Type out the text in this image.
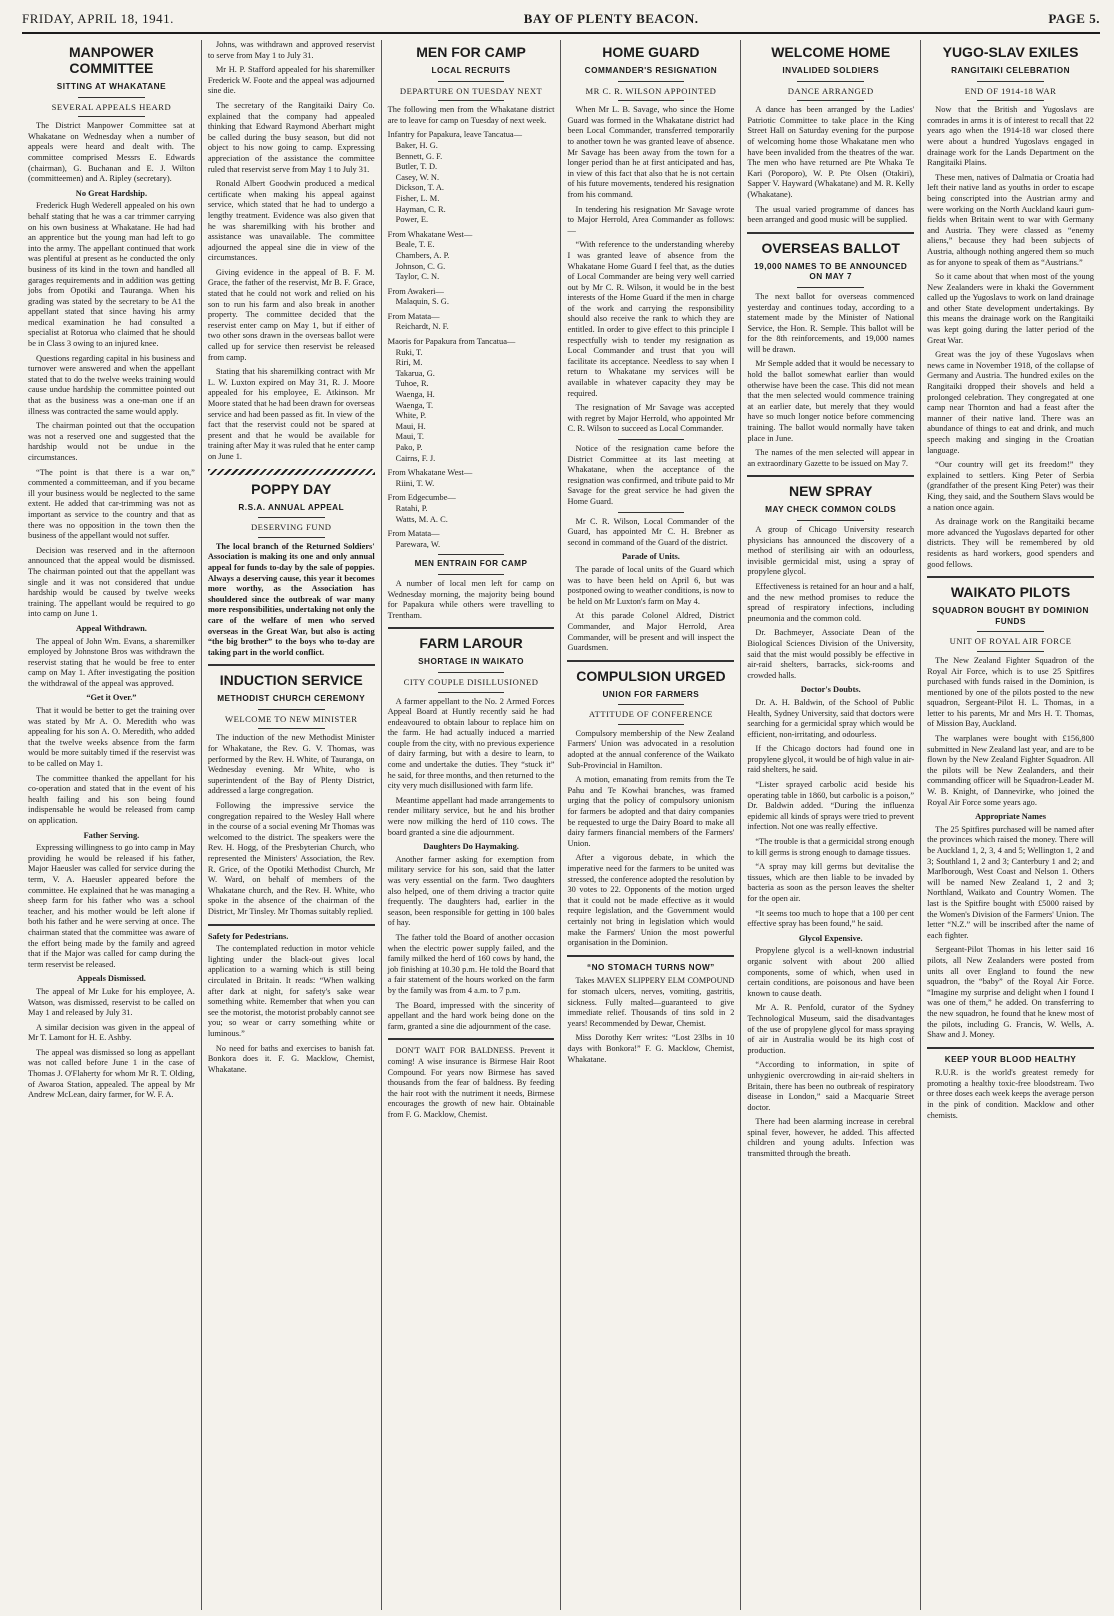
FRIDAY, APRIL 18, 1941.	BAY OF PLENTY BEACON.	PAGE 5.
MANPOWER COMMITTEE
SITTING AT WHAKATANE
SEVERAL APPEALS HEARD

The District Manpower Committee sat at Whakatane on Wednesday when a number of appeals were heard and dealt with. The committee comprised Messrs E. Edwards (chairman), G. Buchanan and E. J. Wilton (committeemen) and A. Ripley (secretary).

No Great Hardship.

Frederick Hugh Wederell appealed on his own behalf stating that he was a car trimmer carrying on his own business at Whakatane. He had had an apprentice but the young man had left to go into the army. The appellant continued that work was plentiful at present as he conducted the only business of its kind in the town and handled all garages requirements and in addition was getting jobs from Opotiki and Tauranga. When his grading was stated by the secretary to be A1 the appellant stated that since having his army medical examination he had consulted a specialist at Rotorua who claimed that he should be in Class 3 owing to an injured knee.

Questions regarding capital in his business and turnover were answered and when the appellant stated that to do the twelve weeks training would cause undue hardship the committee pointed out that as the business was a one-man one if an illness was contracted the same would apply.

The chairman pointed out that the occupation was not a reserved one and suggested that the hardship would not be undue in the circumstances.

“The point is that there is a war on,” commented a committeeman, and if you became ill your business would be neglected to the same extent. He added that car-trimming was not as important as service to the country and that as there was no opposition in the town then the business of the appellant would not suffer.

Decision was reserved and in the afternoon announced that the appeal would be dismissed. The chairman pointed out that the appellant was single and it was not considered that undue hardship would be caused by twelve weeks training. The appellant would be required to go into camp on June 1.

Appeal Withdrawn.

The appeal of John Wm. Evans, a sharemilker employed by Johnstone Bros was withdrawn the reservist stating that he would be free to enter camp on May 1. After investigating the position the withdrawal of the appeal was approved.

“Get it Over.”

That it would be better to get the training over was stated by Mr A. O. Meredith who was appealing for his son A. O. Meredith, who added that the twelve weeks absence from the farm would be more suitably timed if the reservist was to be called on May 1.

The committee thanked the appellant for his co-operation and stated that in the event of his health failing and his son being found indispensable he would be released from camp on application.

Father Serving.

Expressing willingness to go into camp in May providing he would be released if his father, Major Haeusler was called for service during the term, V. A. Haeusler appeared before the committee. He explained that he was managing a sheep farm for his father who was a school teacher, and his mother would be left alone if both his father and he were serving at once. The chairman stated that the committee was aware of the effort being made by the family and agreed that if the Major was called for camp during the term reservist be released.

Appeals Dismissed.

The appeal of Mr Luke for his employee, A. Watson, was dismissed, reservist to be called on May 1 and released by July 31.

A similar decision was given in the appeal of Mr T. Lamont for H. E. Ashby.

The appeal was dismissed so long as appellant was not called before June 1 in the case of Thomas J. O'Flaherty for whom Mr R. T. Olding, of Awaroa Station, appealed. The appeal by Mr Andrew McLean, dairy farmer, for W. F. A.

Johns, was withdrawn and approved reservist to serve from May 1 to July 31.

Mr H. P. Stafford appealed for his sharemilker Frederick W. Foote and the appeal was adjourned sine die.

The secretary of the Rangitaiki Dairy Co. explained that the company had appealed thinking that Edward Raymond Aberhart might be called during the busy season, but did not object to his now going to camp. Expressing appreciation of the assistance the committee ruled that reservist serve from May 1 to July 31.

Ronald Albert Goodwin produced a medical certificate when making his appeal against service, which stated that he had to undergo a lengthy treatment. Evidence was also given that he was sharemilking with his brother and assistance was unavailable. The committee adjourned the appeal sine die in view of the circumstances.

Giving evidence in the appeal of B. F. M. Grace, the father of the reservist, Mr B. F. Grace, stated that he could not work and relied on his son to run his farm and also break in another property. The committee decided that the reservist enter camp on May 1, but if either of two other sons drawn in the overseas ballot were called up for service then reservist be released from camp.

Stating that his sharemilking contract with Mr L. W. Luxton expired on May 31, R. J. Moore appealed for his employee, E. Atkinson. Mr Moore stated that he had been drawn for overseas service and had been passed as fit. In view of the fact that the reservist could not be spared at present and that he would be available for training after May it was ruled that he enter camp on June 1.

POPPY DAY
R.S.A. ANNUAL APPEAL
DESERVING FUND

The local branch of the Returned Soldiers' Association is making its one and only annual appeal for funds to-day by the sale of poppies. Always a deserving cause, this year it becomes more worthy, as the Association has shouldered since the outbreak of war many more responsibilities, undertaking not only the care of the welfare of men who served overseas in the Great War, but also is acting “the big brother” to the boys who to-day are taking part in the world conflict.

INDUCTION SERVICE
METHODIST CHURCH CEREMONY
WELCOME TO NEW MINISTER

The induction of the new Methodist Minister for Whakatane, the Rev. G. V. Thomas, was performed by the Rev. H. White, of Tauranga, on Wednesday evening. Mr White, who is superintendent of the Bay of Plenty District, addressed a large congregation.

Following the impressive service the congregation repaired to the Wesley Hall where in the course of a social evening Mr Thomas was welcomed to the district. The speakers were the Rev. H. Hogg, of the Presbyterian Church, who represented the Ministers' Association, the Rev. R. Grice, of the Opotiki Methodist Church, Mr W. Ward, on behalf of members of the Whakatane church, and the Rev. H. White, who spoke in the absence of the chairman of the District, Mr Tinsley. Mr Thomas suitably replied.

Safety for Pedestrians.

The contemplated reduction in motor vehicle lighting under the black-out gives local application to a warning which is still being circulated in Britain. It reads: “When walking after dark at night, for safety's sake wear something white. Remember that when you can see the motorist, the motorist probably cannot see you; so wear or carry something white or luminous.”

No need for baths and exercises to banish fat. Bonkora does it. F. G. Macklow, Chemist, Whakatane.

MEN FOR CAMP
LOCAL RECRUITS
DEPARTURE ON TUESDAY NEXT

The following men from the Whakatane district are to leave for camp on Tuesday of next week.

Infantry for Papakura, leave Tancatua—
Baker, H. G.
Bennett, G. F.
Butler, T. D.
Casey, W. N.
Dickson, T. A.
Fisher, L. M.
Hayman, C. R.
Power, E.
From Whakatane West—
Beale, T. E.
Chambers, A. P.
Johnson, C. G.
Taylor, C. N.
From Awakeri—
Malaquin, S. G.
From Matata—
Reichardt, N. F.
Maoris for Papakura from Tancatua—
Ruki, T.
Riri, M.
Takarua, G.
Tuhoe, R.
Waenga, H.
Waenga, T.
White, P.
Maui, H.
Maui, T.
Pako, P.
Cairns, F. J.
From Whakatane West—
Riini, T. W.
From Edgecumbe—
Ratahi, P.
Watts, M. A. C.
From Matata—
Parewara, W.
MEN ENTRAIN FOR CAMP

A number of local men left for camp on Wednesday morning, the majority being bound for Papakura while others were travelling to Trentham.

FARM LAROUR
SHORTAGE IN WAIKATO
CITY COUPLE DISILLUSIONED

A farmer appellant to the No. 2 Armed Forces Appeal Board at Huntly recently said he had endeavoured to obtain labour to replace him on the farm. He had actually induced a married couple from the city, with no previous experience of dairy farming, but with a desire to learn, to come and undertake the duties. They “stuck it” he said, for three months, and then returned to the city very much disillusioned with farm life.

Meantime appellant had made arrangements to render military service, but he and his brother were now milking the herd of 110 cows. The board granted a sine die adjournment.

Daughters Do Haymaking.

Another farmer asking for exemption from military service for his son, said that the latter was very essential on the farm. Two daughters also helped, one of them driving a tractor quite frequently. The daughters had, earlier in the season, been responsible for getting in 100 bales of hay.

The father told the Board of another occasion when the electric power supply failed, and the family milked the herd of 160 cows by hand, the job finishing at 10.30 p.m. He told the Board that a fair statement of the hours worked on the farm by the family was from 4 a.m. to 7 p.m.

The Board, impressed with the sincerity of appellant and the hard work being done on the farm, granted a sine die adjournment of the case.

DON'T WAIT FOR BALDNESS. Prevent it coming! A wise insurance is Birmese Hair Root Compound. For years now Birmese has saved thousands from the fear of baldness. By feeding the hair root with the nutriment it needs, Birmese encourages the growth of new hair. Obtainable from F. G. Macklow, Chemist.

HOME GUARD
COMMANDER'S RESIGNATION
MR C. R. WILSON APPOINTED

When Mr L. B. Savage, who since the Home Guard was formed in the Whakatane district had been Local Commander, transferred temporarily to another town he was granted leave of absence. Mr Savage has been away from the town for a longer period than he at first anticipated and has, in view of this fact that also that he is not certain of his future movements, tendered his resignation from his command.

In tendering his resignation Mr Savage wrote to Major Herrold, Area Commander as follows:—

“With reference to the understanding whereby I was granted leave of absence from the Whakatane Home Guard I feel that, as the duties of Local Commander are being very well carried out by Mr C. R. Wilson, it would be in the best interests of the Home Guard if the men in charge of the work and carrying the responsibility should also receive the rank to which they are entitled. In order to give effect to this principle I respectfully wish to tender my resignation as Local Commander and trust that you will facilitate its acceptance. Needless to say when I return to Whakatane my services will be available in whatever capacity they may be required.

The resignation of Mr Savage was accepted with regret by Major Herrold, who appointed Mr C. R. Wilson to succeed as Local Commander.

Notice of the resignation came before the District Committee at its last meeting at Whakatane, when the acceptance of the resignation was confirmed, and tribute paid to Mr Savage for the great service he had given the Home Guard.

Mr C. R. Wilson, Local Commander of the Guard, has appointed Mr C. H. Brebner as second in command of the Guard of the district.

Parade of Units.

The parade of local units of the Guard which was to have been held on April 6, but was postponed owing to weather conditions, is now to be held on Mr Luxton's farm on May 4.

At this parade Colonel Aldred, District Commander, and Major Herrold, Area Commander, will be present and will inspect the Guardsmen.

COMPULSION URGED
UNION FOR FARMERS
ATTITUDE OF CONFERENCE

Compulsory membership of the New Zealand Farmers' Union was advocated in a resolution adopted at the annual conference of the Waikato Sub-Provincial in Hamilton.

A motion, emanating from remits from the Te Pahu and Te Kowhai branches, was framed urging that the policy of compulsory unionism for farmers be adopted and that dairy companies be requested to urge the Dairy Board to make all dairy farmers financial members of the Farmers' Union.

After a vigorous debate, in which the imperative need for the farmers to be united was stressed, the conference adopted the resolution by 30 votes to 22. Opponents of the motion urged that it could not be made effective as it would require legislation, and the Government would certainly not bring in legislation which would make the Farmers' Union the most powerful organisation in the Dominion.

“NO STOMACH TURNS NOW”

Takes MAVEX SLIPPERY ELM COMPOUND for stomach ulcers, nerves, vomiting, gastritis, sickness. Fully malted—guaranteed to give immediate relief. Thousands of tins sold in 2 years! Recommended by Dewar, Chemist.

Miss Dorothy Kerr writes: “Lost 23lbs in 10 days with Bonkora!” F. G. Macklow, Chemist, Whakatane.

WELCOME HOME
INVALIDED SOLDIERS
DANCE ARRANGED

A dance has been arranged by the Ladies' Patriotic Committee to take place in the King Street Hall on Saturday evening for the purpose of welcoming home those Whakatane men who have been invalided from the theatres of the war. The men who have returned are Pte Whaka Te Kari (Poroporo), W. P. Pte Olsen (Otakiri), Sapper V. Hayward (Whakatane) and M. R. Kelly (Whakatane).

The usual varied programme of dances has been arranged and good music will be supplied.

OVERSEAS BALLOT
19,000 NAMES TO BE ANNOUNCED ON MAY 7

The next ballot for overseas commenced yesterday and continues today, according to a statement made by the Minister of National Service, the Hon. R. Semple. This ballot will be for the 8th reinforcements, and 19,000 names will be drawn.

Mr Semple added that it would be necessary to hold the ballot somewhat earlier than would otherwise have been the case. This did not mean that the men selected would commence training at an earlier date, but merely that they would have so much longer notice before commencing training. The ballot would normally have taken place in June.

The names of the men selected will appear in an extraordinary Gazette to be issued on May 7.

NEW SPRAY
MAY CHECK COMMON COLDS

A group of Chicago University research physicians has announced the discovery of a method of sterilising air with an odourless, invisible germicidal mist, using a spray of propylene glycol.

Effectiveness is retained for an hour and a half, and the new method promises to reduce the spread of respiratory infections, including pneumonia and the common cold.

Dr. Bachmeyer, Associate Dean of the Biological Sciences Division of the University, said that the mist would possibly be effective in air-raid shelters, barracks, sick-rooms and crowded halls.

Doctor's Doubts.

Dr. A. H. Baldwin, of the School of Public Health, Sydney University, said that doctors were searching for a germicidal spray which would be efficient, non-irritating, and odourless.

If the Chicago doctors had found one in propylene glycol, it would be of high value in air-raid shelters, he said.

“Lister sprayed carbolic acid beside his operating table in 1860, but carbolic is a poison,” Dr. Baldwin added. “During the influenza epidemic all kinds of sprays were tried to prevent infection. Not one was really effective.

“The trouble is that a germicidal strong enough to kill germs is strong enough to damage tissues.

“A spray may kill germs but devitalise the tissues, which are then liable to be invaded by bacteria as soon as the person leaves the shelter for the open air.

“It seems too much to hope that a 100 per cent effective spray has been found,” he said.

Glycol Expensive.

Propylene glycol is a well-known industrial organic solvent with about 200 allied components, some of which, when used in certain conditions, are poisonous and have been known to cause death.

Mr A. R. Penfold, curator of the Sydney Technological Museum, said the disadvantages of the use of propylene glycol for mass spraying of air in Australia would be its high cost of production.

“According to information, in spite of unhygienic overcrowding in air-raid shelters in Britain, there has been no outbreak of respiratory disease in London,” said a Macquarie Street doctor.

There had been alarming increase in cerebral spinal fever, however, he added. This affected children and young adults. Infection was transmitted through the breath.

YUGO-SLAV EXILES
RANGITAIKI CELEBRATION
END OF 1914-18 WAR

Now that the British and Yugoslavs are comrades in arms it is of interest to recall that 22 years ago when the 1914-18 war closed there were about a hundred Yugoslavs engaged in drainage work for the Lands Department on the Rangitaiki Plains.

These men, natives of Dalmatia or Croatia had left their native land as youths in order to escape being conscripted into the Austrian army and were working on the North Auckland kauri gum-fields when Britain went to war with Germany and Austria. They were classed as “enemy aliens,” because they had been subjects of Austria, although nothing angered them so much as for anyone to speak of them as “Austrians.”

So it came about that when most of the young New Zealanders were in khaki the Government called up the Yugoslavs to work on land drainage and other State development undertakings. By this means the drainage work on the Rangitaiki was kept going during the latter period of the Great War.

Great was the joy of these Yugoslavs when news came in November 1918, of the collapse of Germany and Austria. The hundred exiles on the Rangitaiki dropped their shovels and held a prolonged celebration. They congregated at one camp near Thornton and had a feast after the manner of their native land. There was an abundance of things to eat and drink, and much speech making and singing in the Croatian language.

“Our country will get its freedom!” they explained to settlers. King Peter of Serbia (grandfather of the present King Peter) was their King, they said, and the Southern Slavs would be a nation once again.

As drainage work on the Rangitaiki became more advanced the Yugoslavs departed for other districts. They will be remembered by old residents as hard workers, good spenders and good fellows.

WAIKATO PILOTS
SQUADRON BOUGHT BY DOMINION FUNDS
UNIT OF ROYAL AIR FORCE

The New Zealand Fighter Squadron of the Royal Air Force, which is to use 25 Spitfires purchased with funds raised in the Dominion, is mentioned by one of the pilots posted to the new squadron, Sergeant-Pilot H. L. Thomas, in a letter to his parents, Mr and Mrs H. T. Thomas, of Mission Bay, Auckland.

The warplanes were bought with £156,800 submitted in New Zealand last year, and are to be flown by the New Zealand Fighter Squadron. All the pilots will be New Zealanders, and their commanding officer will be Squadron-Leader M. W. B. Knight, of Dannevirke, who joined the Royal Air Force some years ago.

Appropriate Names

The 25 Spitfires purchased will be named after the provinces which raised the money. There will be Auckland 1, 2, 3, 4 and 5; Wellington 1, 2 and 3; Southland 1, 2 and 3; Canterbury 1 and 2; and Marlborough, West Coast and Nelson 1. Others will be named New Zealand 1, 2 and 3; Northland, Waikato and Country Women. The last is the Spitfire bought with £5000 raised by the Women's Division of the Farmers' Union. The letter “N.Z.” will be inscribed after the name of each fighter.

Sergeant-Pilot Thomas in his letter said 16 pilots, all New Zealanders were posted from units all over England to found the new squadron, the “baby” of the Royal Air Force. “Imagine my surprise and delight when I found I was one of them,” he added. On transferring to the new squadron, he found that he knew most of the pilots, including G. Francis, W. Wells, A. Shaw and J. Money.

KEEP YOUR BLOOD HEALTHY

R.U.R. is the world's greatest remedy for promoting a healthy toxic-free bloodstream. Two or three doses each week keeps the average person in the pink of condition. Macklow and other chemists.
